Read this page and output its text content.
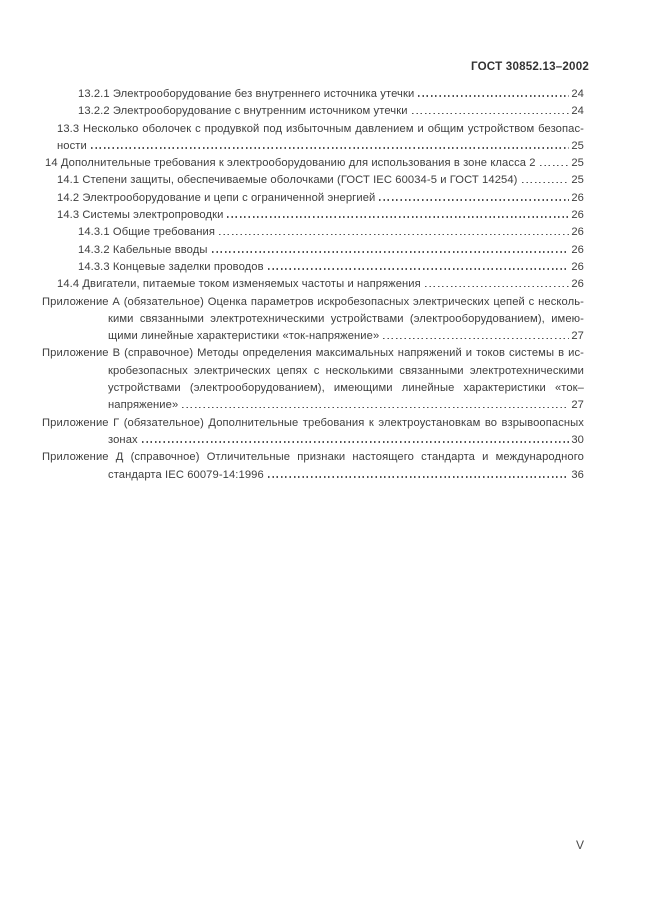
ГОСТ 30852.13–2002
13.2.1 Электрооборудование без внутреннего источника утечки	24
13.2.2 Электрооборудование с внутренним источником утечки	24
13.3 Несколько оболочек с продувкой под избыточным давлением и общим устройством безопас-
ности	25
14 Дополнительные требования к электрооборудованию для использования в зоне класса 2	25
14.1 Степени защиты, обеспечиваемые оболочками (ГОСТ IEC 60034-5 и ГОСТ 14254)	25
14.2 Электрооборудование и цепи с ограниченной энергией	26
14.3 Системы электропроводки	26
14.3.1 Общие требования	26
14.3.2 Кабельные вводы	26
14.3.3 Концевые заделки проводов	26
14.4 Двигатели, питаемые током изменяемых частоты и напряжения	26
Приложение А (обязательное) Оценка параметров искробезопасных электрических цепей с несколь-
кими связанными электротехническими устройствами (электрооборудованием), имею-
щими линейные характеристики «ток-напряжение»	27
Приложение В (справочное) Методы определения максимальных напряжений и токов системы в ис-
кробезопасных электрических цепях с несколькими связанными электротехническими
устройствами (электрооборудованием), имеющими линейные характеристики «ток–
напряжение»	27
Приложение Г (обязательное) Дополнительные требования к электроустановкам во взрывоопасных
зонах	30
Приложение Д (справочное) Отличительные признаки настоящего стандарта и международного
стандарта IEC 60079-14:1996	36
V
